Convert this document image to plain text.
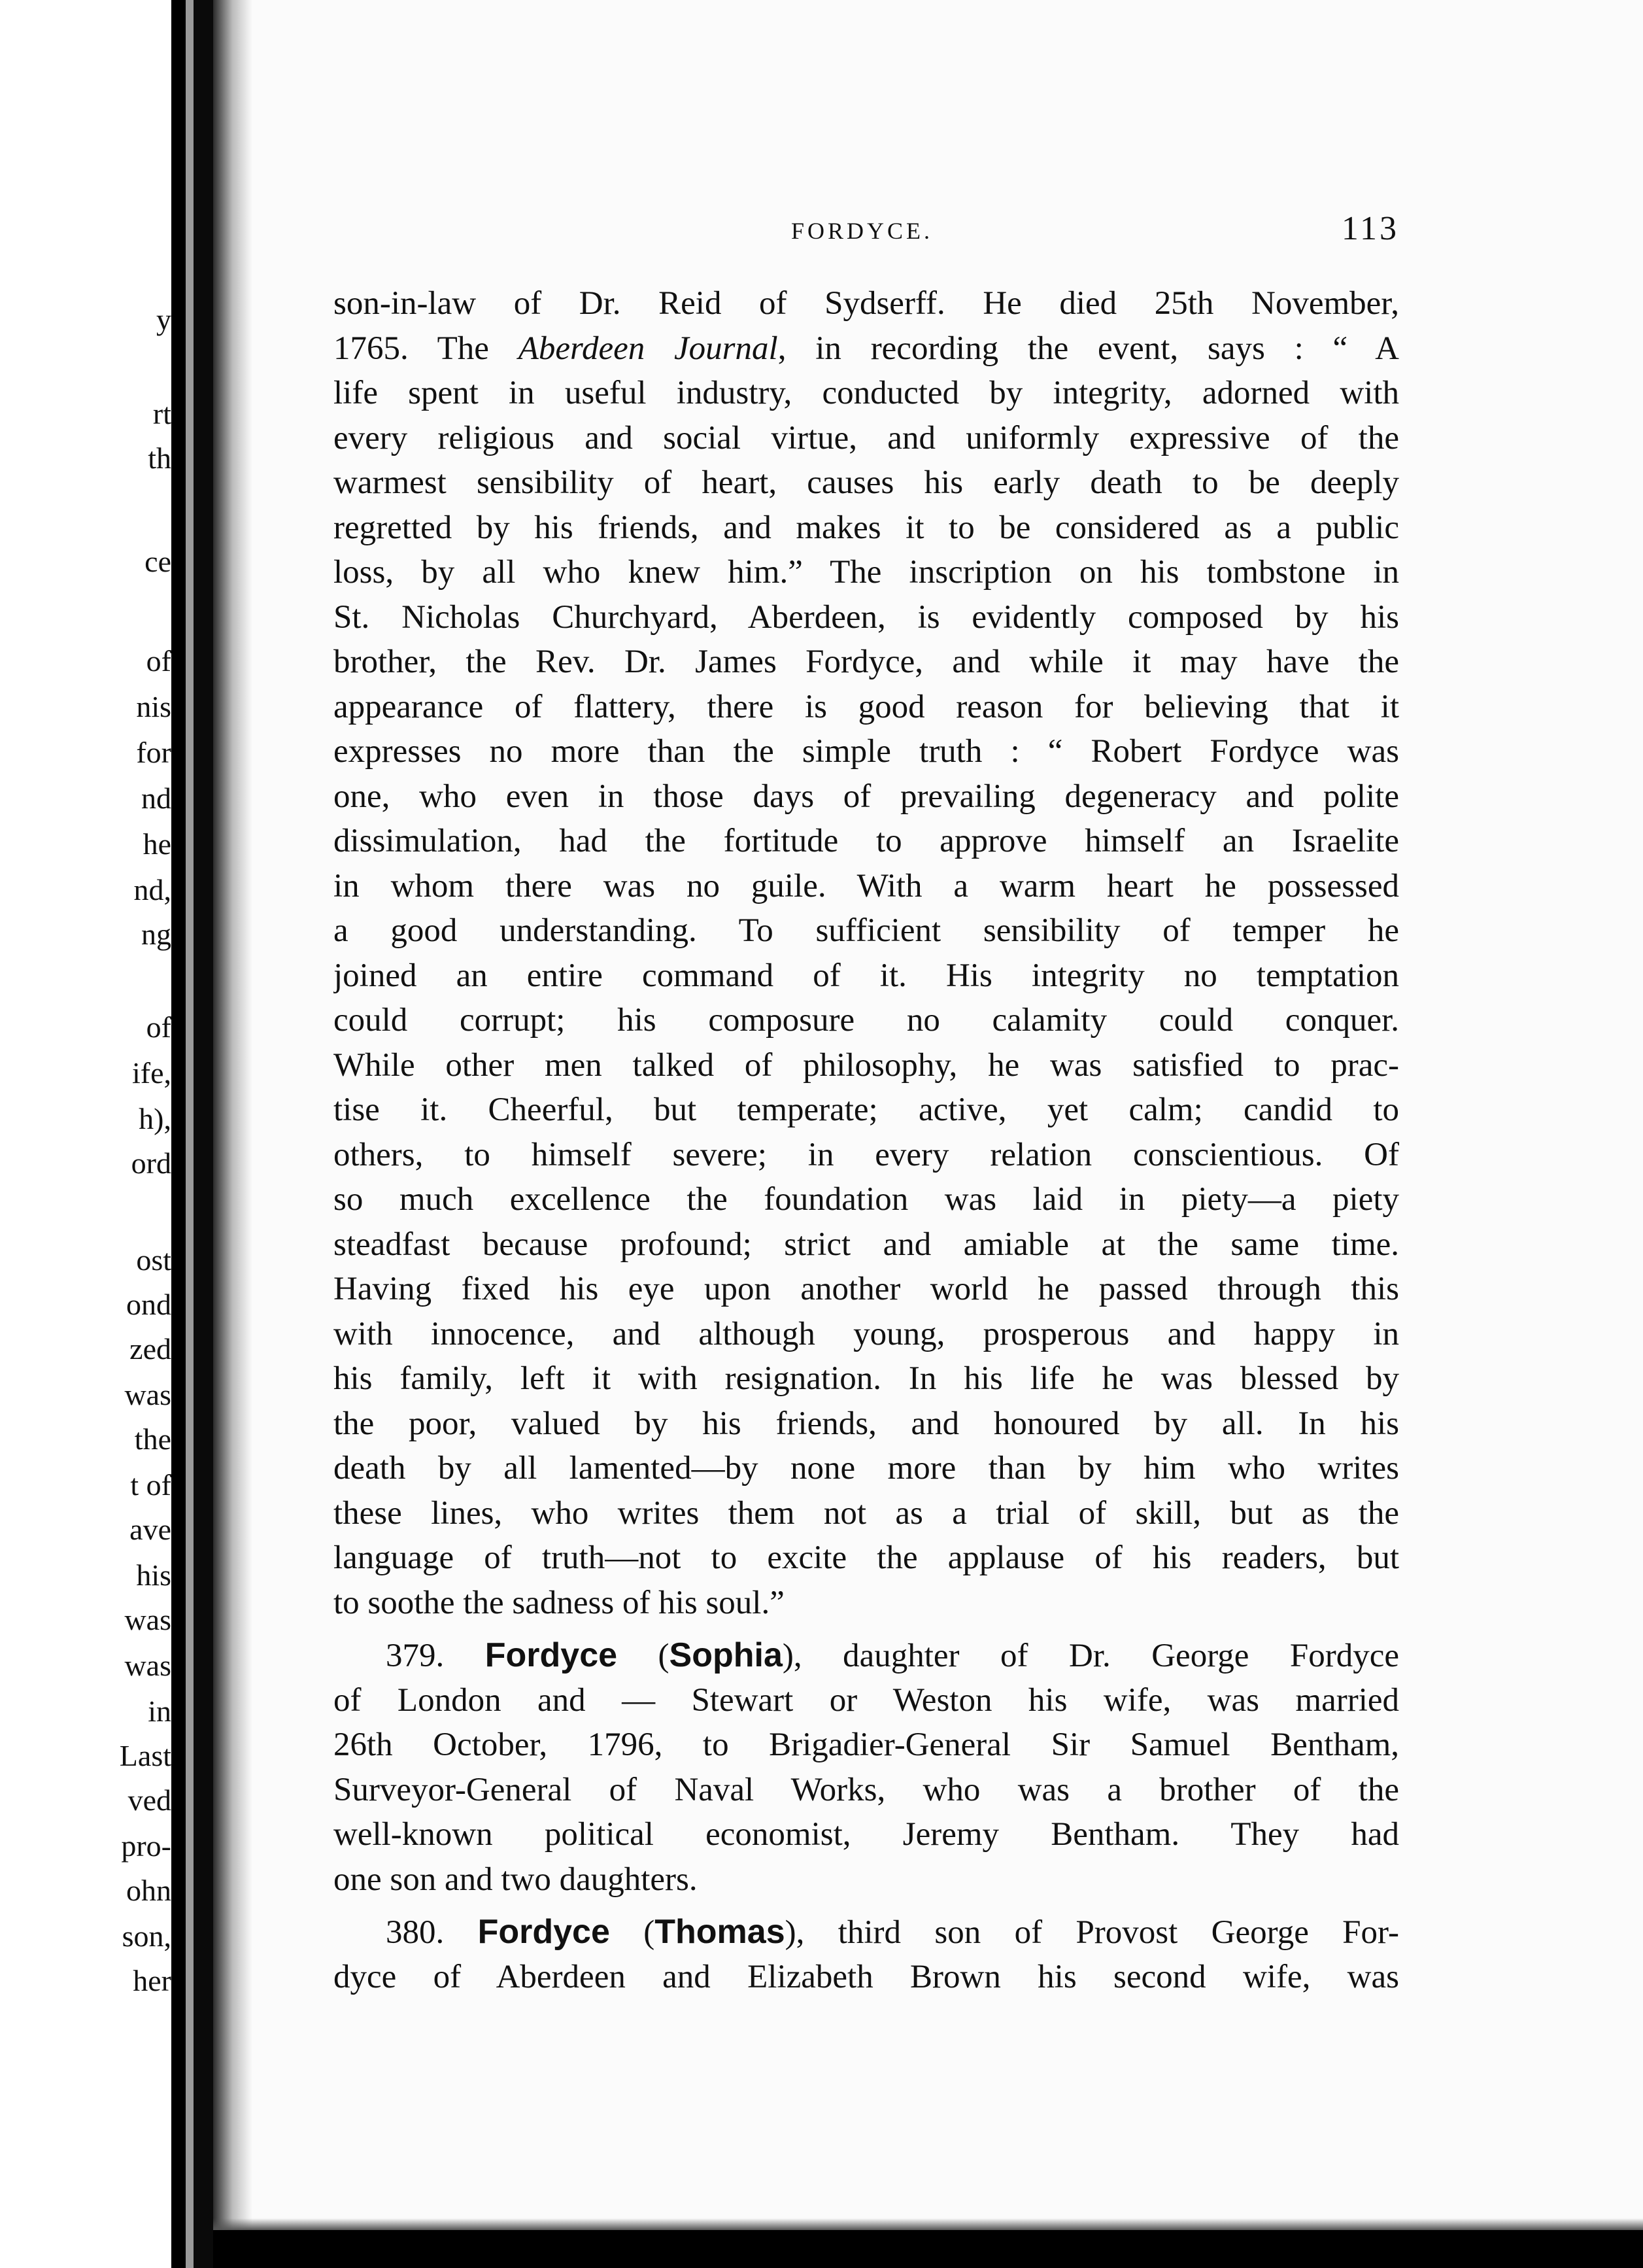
y
rt
th
ce
of
nis
for
nd
he
nd,
ng
of
ife,
h),
ord
ost
ond
zed
was
the
t of
ave
his
was
was
in
Last
ved
pro-
ohn
son,
her
FORDYCE.	113
son-in-law of Dr. Reid of Sydserff. He died 25th November,
1765. The Aberdeen Journal, in recording the event, says : “ A
life spent in useful industry, conducted by integrity, adorned with
every religious and social virtue, and uniformly expressive of the
warmest sensibility of heart, causes his early death to be deeply
regretted by his friends, and makes it to be considered as a public
loss, by all who knew him.” The inscription on his tombstone in
St. Nicholas Churchyard, Aberdeen, is evidently composed by his
brother, the Rev. Dr. James Fordyce, and while it may have the
appearance of flattery, there is good reason for believing that it
expresses no more than the simple truth : “ Robert Fordyce was
one, who even in those days of prevailing degeneracy and polite
dissimulation, had the fortitude to approve himself an Israelite
in whom there was no guile. With a warm heart he possessed
a good understanding. To sufficient sensibility of temper he
joined an entire command of it. His integrity no temptation
could corrupt; his composure no calamity could conquer.
While other men talked of philosophy, he was satisfied to prac-
tise it. Cheerful, but temperate; active, yet calm; candid to
others, to himself severe; in every relation conscientious. Of
so much excellence the foundation was laid in piety—a piety
steadfast because profound; strict and amiable at the same time.
Having fixed his eye upon another world he passed through this
with innocence, and although young, prosperous and happy in
his family, left it with resignation. In his life he was blessed by
the poor, valued by his friends, and honoured by all. In his
death by all lamented—by none more than by him who writes
these lines, who writes them not as a trial of skill, but as the
language of truth—not to excite the applause of his readers, but
to soothe the sadness of his soul.”
379. Fordyce (Sophia), daughter of Dr. George Fordyce
of London and — Stewart or Weston his wife, was married
26th October, 1796, to Brigadier-General Sir Samuel Bentham,
Surveyor-General of Naval Works, who was a brother of the
well-known political economist, Jeremy Bentham. They had
one son and two daughters.
380. Fordyce (Thomas), third son of Provost George For-
dyce of Aberdeen and Elizabeth Brown his second wife, was
